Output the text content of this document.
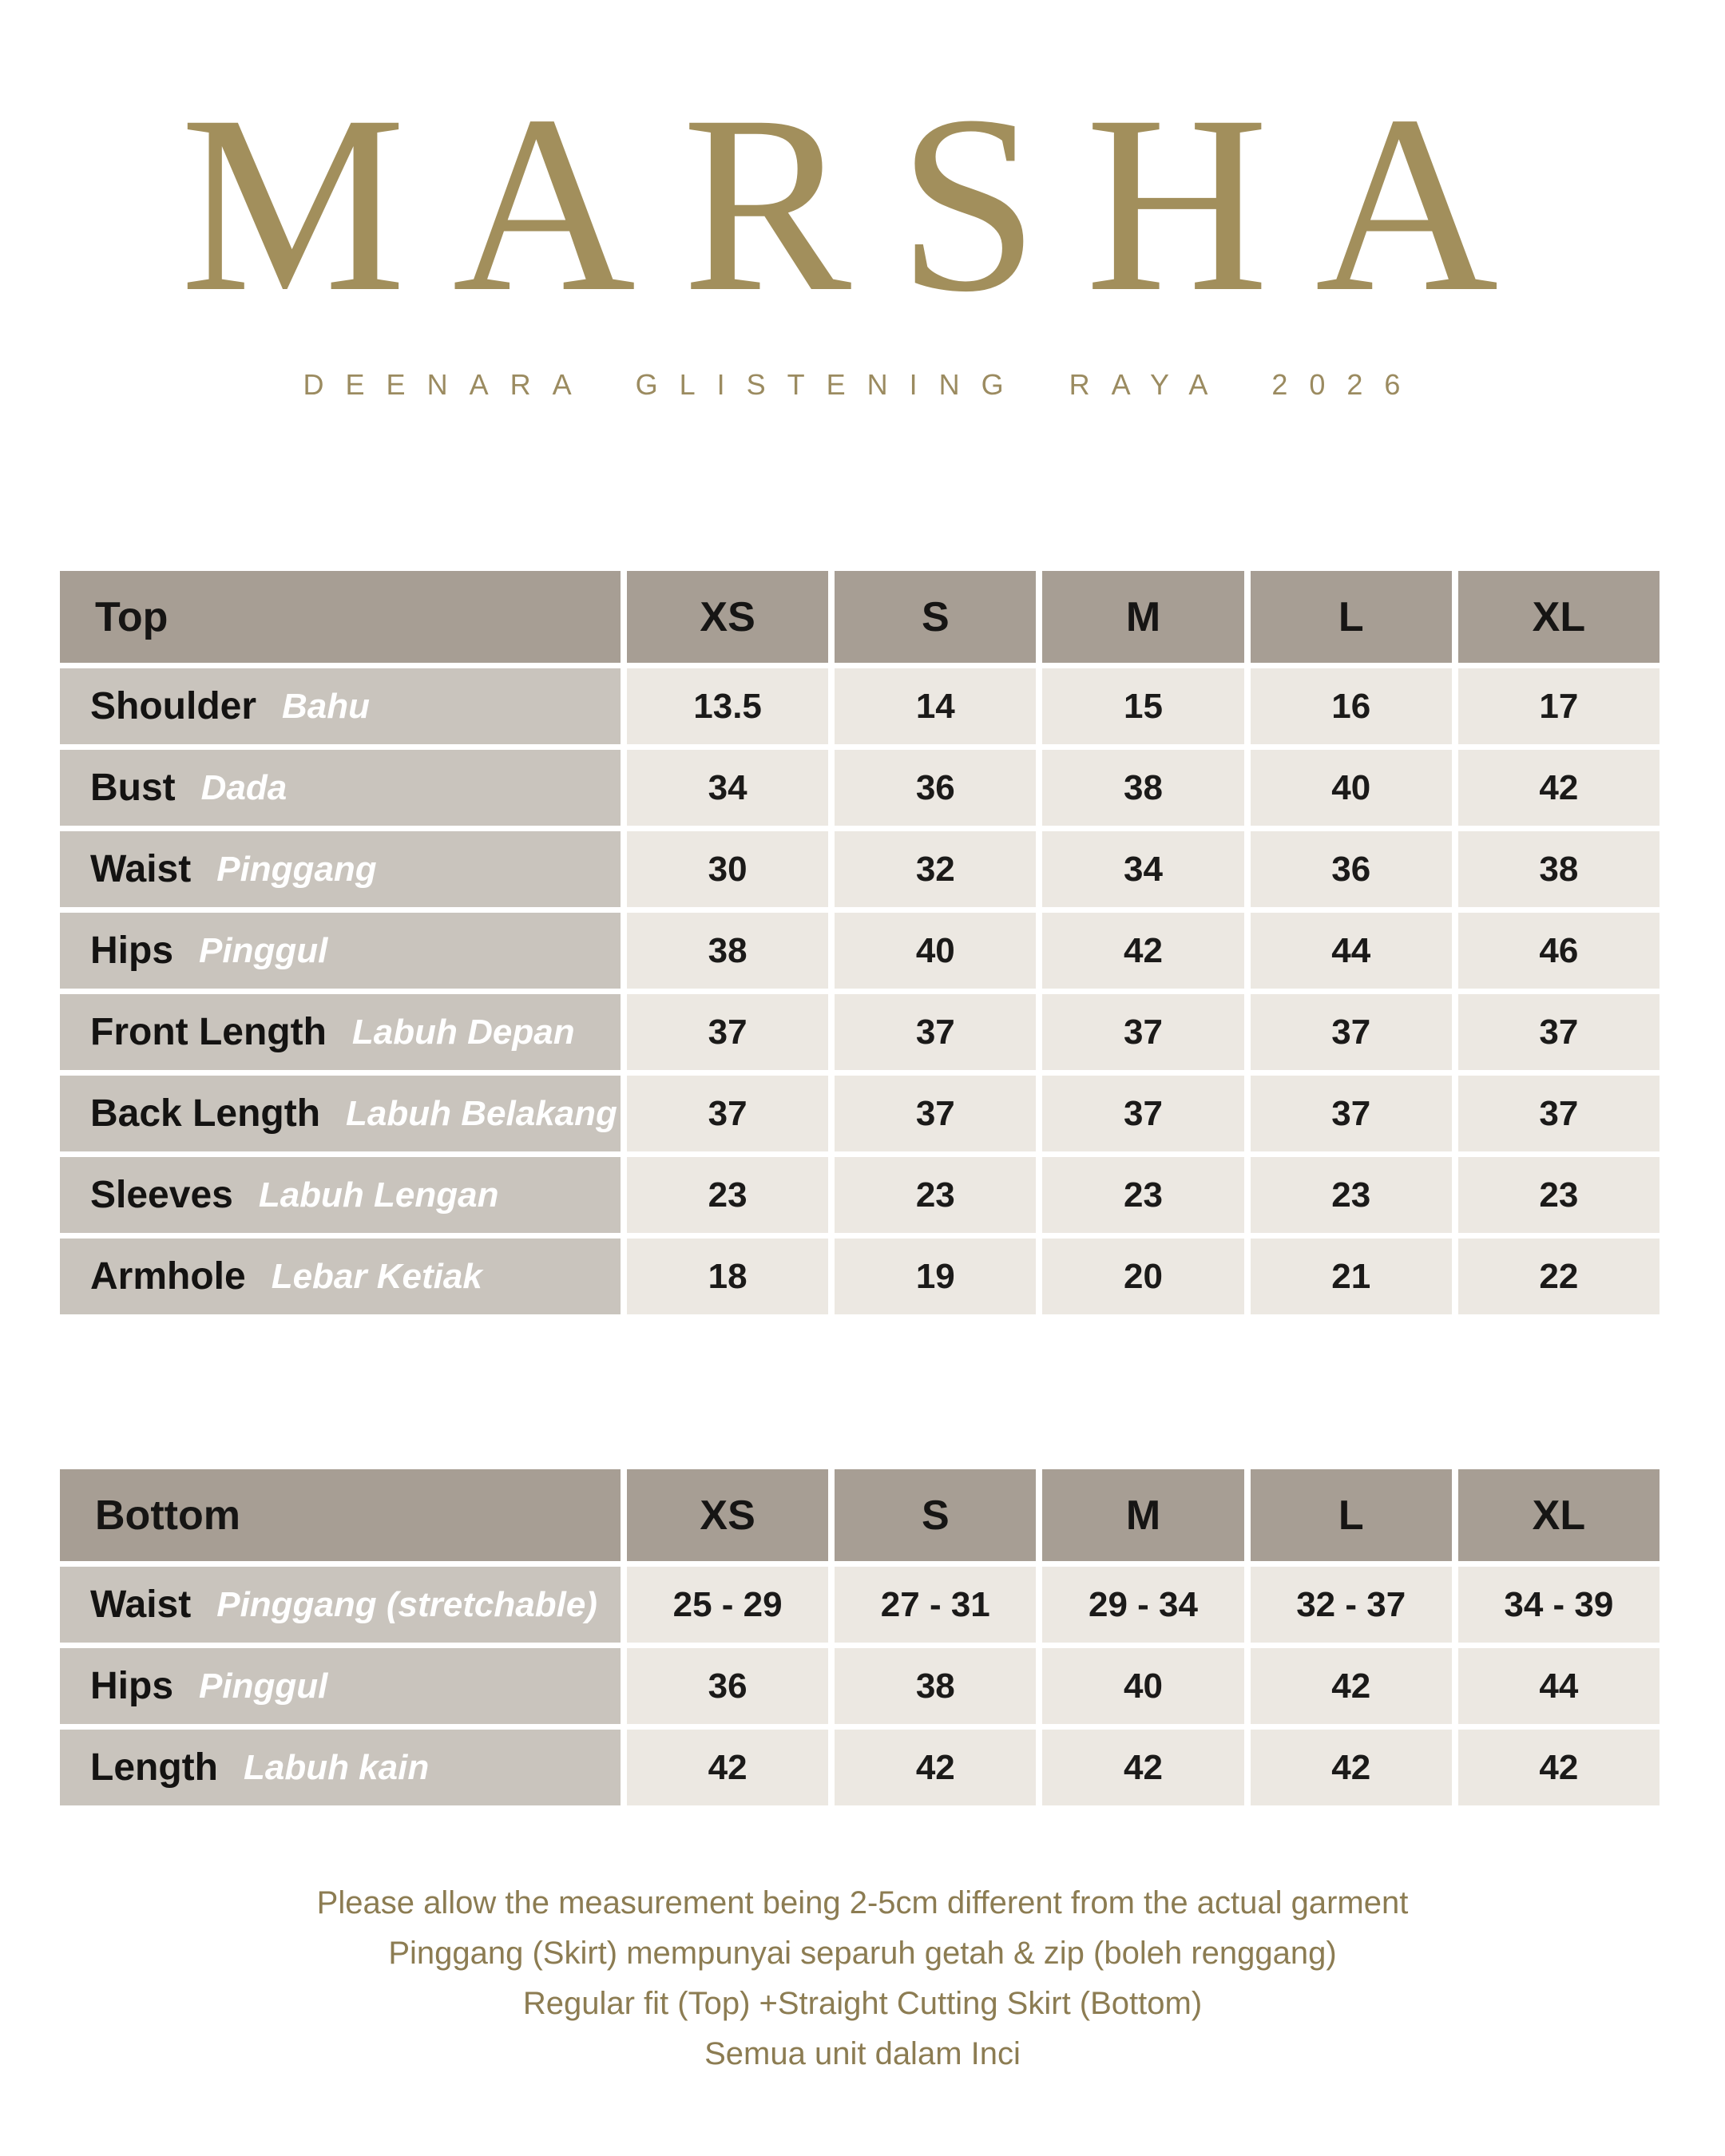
MARSHA
DEENARA GLISTENING RAYA 2026
Top	XS	S	M	L	XL
Shoulder Bahu	13.5	14	15	16	17
Bust Dada	34	36	38	40	42
Waist Pinggang	30	32	34	36	38
Hips Pinggul	38	40	42	44	46
Front Length Labuh Depan	37	37	37	37	37
Back Length Labuh Belakang	37	37	37	37	37
Sleeves Labuh Lengan	23	23	23	23	23
Armhole Lebar Ketiak	18	19	20	21	22
Bottom	XS	S	M	L	XL
Waist Pinggang (stretchable)	25 - 29	27 - 31	29 - 34	32 - 37	34 - 39
Hips Pinggul	36	38	40	42	44
Length Labuh kain	42	42	42	42	42
Please allow the measurement being 2-5cm different from the actual garment
Pinggang (Skirt) mempunyai separuh getah & zip (boleh renggang)
Regular fit (Top) +Straight Cutting Skirt (Bottom)
Semua unit dalam Inci
